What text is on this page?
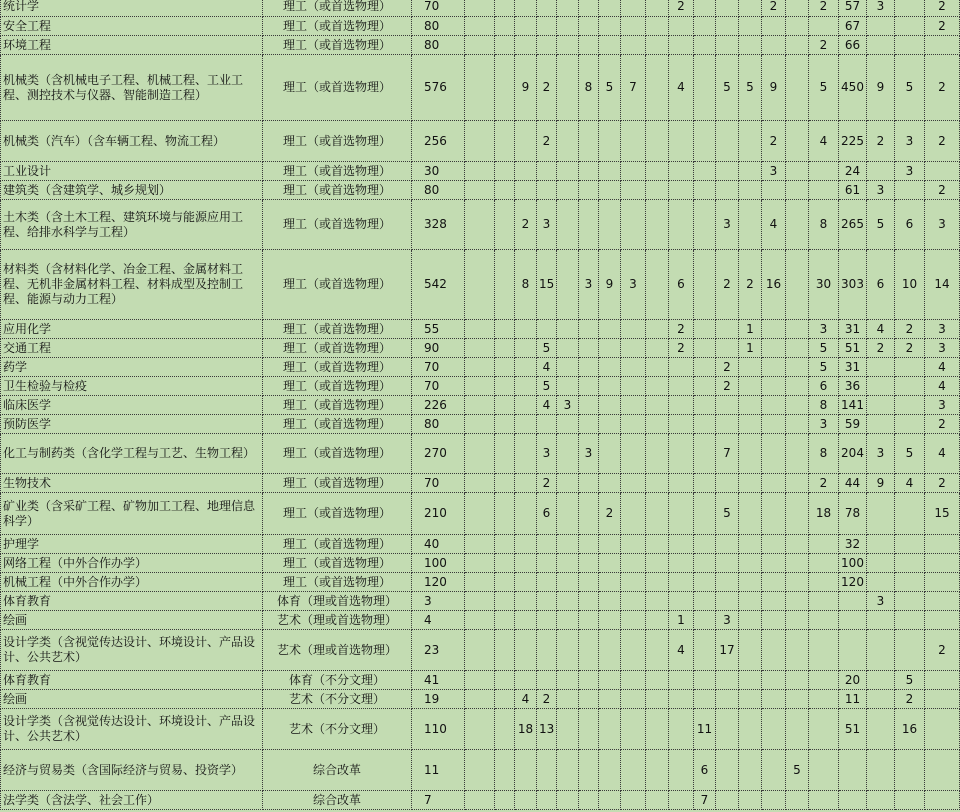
统计学	理工（或首选物理）	70										2				2		2	57	3		2
安全工程	理工（或首选物理）	80																	67			2
环境工程	理工（或首选物理）	80																2	66			
机械类（含机械电子工程、机械工程、工业工程、测控技术与仪器、智能制造工程）	理工（或首选物理）	576			9	2		8	5	7		4		5	5	9		5	450	9	5	2
机械类（汽车）（含车辆工程、物流工程）	理工（或首选物理）	256				2										2		4	225	2	3	2
工业设计	理工（或首选物理）	30														3			24		3	
建筑类（含建筑学、城乡规划）	理工（或首选物理）	80																	61	3		2
土木类（含土木工程、建筑环境与能源应用工程、给排水科学与工程）	理工（或首选物理）	328			2	3								3		4		8	265	5	6	3
材料类（含材料化学、冶金工程、金属材料工程、无机非金属材料工程、材料成型及控制工程、能源与动力工程）	理工（或首选物理）	542			8	15		3	9	3		6		2	2	16		30	303	6	10	14
应用化学	理工（或首选物理）	55										2			1			3	31	4	2	3
交通工程	理工（或首选物理）	90				5						2			1			5	51	2	2	3
药学	理工（或首选物理）	70				4								2				5	31			4
卫生检验与检疫	理工（或首选物理）	70				5								2				6	36			4
临床医学	理工（或首选物理）	226				4	3											8	141			3
预防医学	理工（或首选物理）	80																3	59			2
化工与制药类（含化学工程与工艺、生物工程）	理工（或首选物理）	270				3		3						7				8	204	3	5	4
生物技术	理工（或首选物理）	70				2												2	44	9	4	2
矿业类（含采矿工程、矿物加工工程、地理信息科学）	理工（或首选物理）	210				6			2					5				18	78			15
护理学	理工（或首选物理）	40																	32			
网络工程（中外合作办学）	理工（或首选物理）	100																	100			
机械工程（中外合作办学）	理工（或首选物理）	120																	120			
体育教育	体育（理或首选物理）	3																		3		
绘画	艺术（理或首选物理）	4										1		3								
设计学类（含视觉传达设计、环境设计、产品设计、公共艺术）	艺术（理或首选物理）	23										4		17								2
体育教育	体育（不分文理）	41																	20		5	
绘画	艺术（不分文理）	19			4	2													11		2	
设计学类（含视觉传达设计、环境设计、产品设计、公共艺术）	艺术（不分文理）	110			18	13							11						51		16	
经济与贸易类（含国际经济与贸易、投资学）	综合改革	11											6				5					
法学类（含法学、社会工作）	综合改革	7											7									
